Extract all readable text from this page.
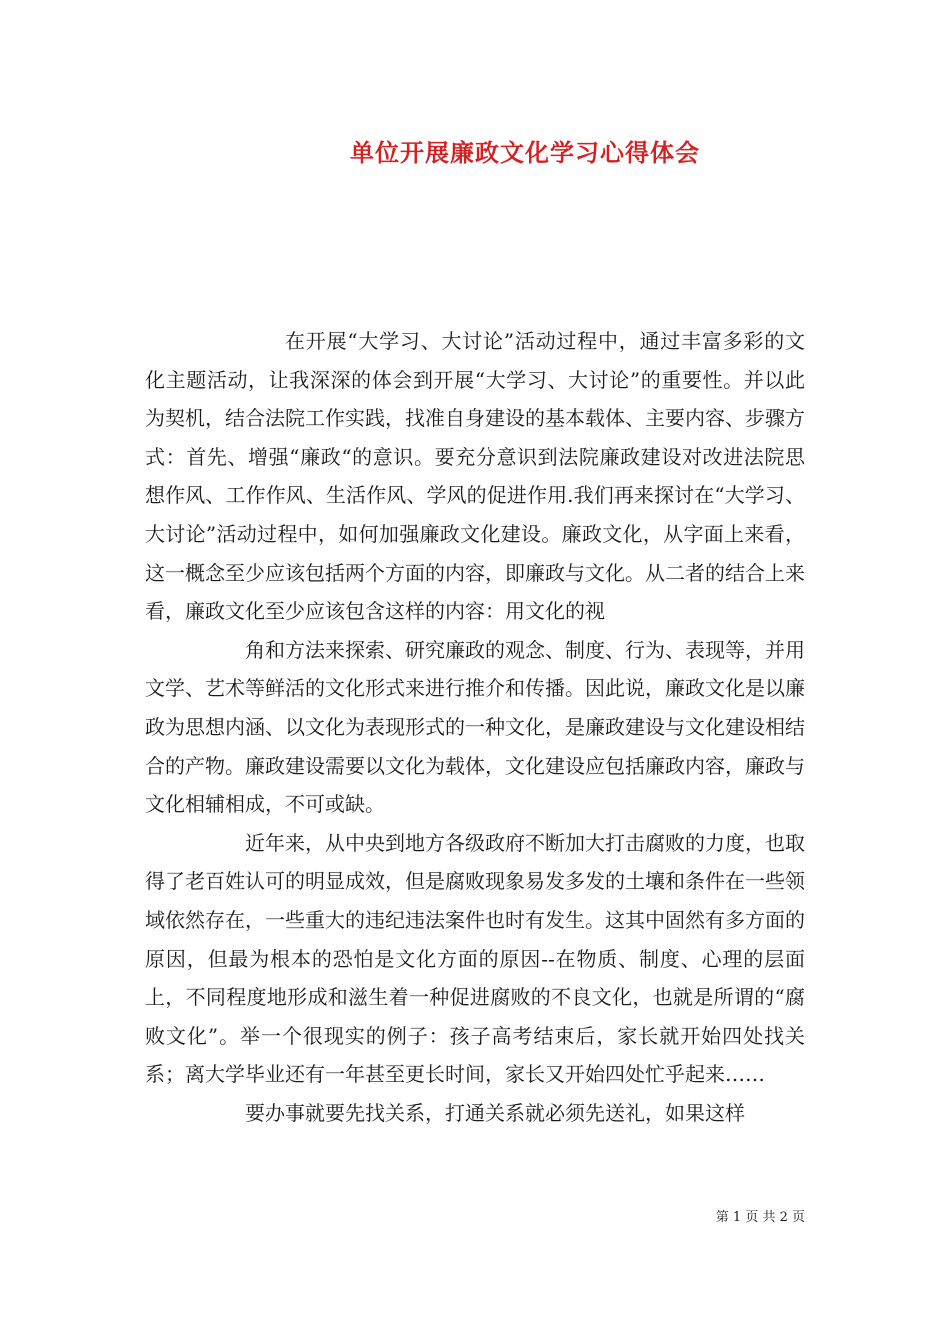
单位开展廉政文化学习心得体会

在开展“大学习、大讨论”活动过程中，通过丰富多彩的文化主题活动，让我深深的体会到开展“大学习、大讨论”的重要性。并以此为契机，结合法院工作实践，找准自身建设的基本载体、主要内容、步骤方式：首先、增强“廉政“的意识。要充分意识到法院廉政建设对改进法院思想作风、工作作风、生活作风、学风的促进作用.我们再来探讨在“大学习、大讨论”活动过程中，如何加强廉政文化建设。廉政文化，从字面上来看，这一概念至少应该包括两个方面的内容，即廉政与文化。从二者的结合上来看，廉政文化至少应该包含这样的内容：用文化的视

角和方法来探索、研究廉政的观念、制度、行为、表现等，并用文学、艺术等鲜活的文化形式来进行推介和传播。因此说，廉政文化是以廉政为思想内涵、以文化为表现形式的一种文化，是廉政建设与文化建设相结合的产物。廉政建设需要以文化为载体，文化建设应包括廉政内容，廉政与文化相辅相成，不可或缺。

近年来，从中央到地方各级政府不断加大打击腐败的力度，也取得了老百姓认可的明显成效，但是腐败现象易发多发的土壤和条件在一些领域依然存在，一些重大的违纪违法案件也时有发生。这其中固然有多方面的原因，但最为根本的恐怕是文化方面的原因--在物质、制度、心理的层面上，不同程度地形成和滋生着一种促进腐败的不良文化，也就是所谓的“腐败文化”。举一个很现实的例子：孩子高考结束后，家长就开始四处找关系；离大学毕业还有一年甚至更长时间，家长又开始四处忙乎起来……

要办事就要先找关系，打通关系就必须先送礼，如果这样

第 1 页 共 2 页
